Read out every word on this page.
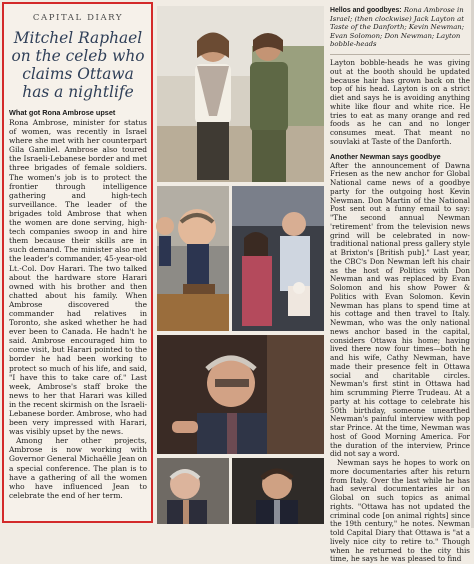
CAPITAL DIARY
Mitchel Raphael on the celeb who claims Ottawa has a nightlife
What got Rona Ambrose upset

Rona Ambrose, minister for status of women, was recently in Israel where she met with her counterpart Gila Gamliel. Ambrose also toured the Israeli-Lebanese border and met three brigades of female soldiers. The women's job is to protect the frontier through intelligence gathering and high-tech surveillance. The leader of the brigades told Ambrose that when the women are done serving, high-tech companies swoop in and hire them because their skills are in such demand. The minister also met the leader's commander, 45-year-old Lt.-Col. Dov Harari. The two talked about the hardware store Harari owned with his brother and then chatted about his family. When Ambrose discovered the commander had relatives in Toronto, she asked whether he had ever been to Canada. He hadn't he said. Ambrose encouraged him to come visit, but Harari pointed to the border he had been working to protect so much of his life, and said, "I have this to take care of." Last week, Ambrose's staff broke the news to her that Harari was killed in the recent skirmish on the Israeli-Lebanese border. Ambrose, who had been very impressed with Harari, was visibly upset by the news.

Among her other projects, Ambrose is now working with Governor General Michaëlle Jean on a special conference. The plan is to have a gathering of all the women who have influenced Jean to celebrate the end of her term.

Hellos and goodbyes: Rona Ambrose in Israel; (then clockwise) Jack Layton at Taste of the Danforth; Kevin Newman; Evan Solomon; Don Newman; Layton bobble-heads

Layton bobble-heads he was giving out at the booth should be updated because hair has grown back on the top of his head. Layton is on a strict diet and says he is avoiding anything white like flour and white rice. He tries to eat as many orange and red foods as he can and no longer consumes meat. That meant no souvlaki at Taste of the Danforth.

Another Newman says goodbye

After the announcement of Dawna Friesen as the new anchor for Global National came news of a goodbye party for the outgoing host Kevin Newman. Don Martin of the National Post sent out a funny email to say: "The second annual Newman 'retirement' from the television news grind will be celebrated in now-traditional national press gallery style at Brixton's [British pub]." Last year, the CBC's Don Newman left his chair as the host of Politics with Don Newman and was replaced by Evan Solomon and his show Power & Politics with Evan Solomon. Kevin Newman has plans to spend time at his cottage and then travel to Italy. Newman, who was the only national news anchor based in the capital, considers Ottawa his home; having lived there now four times—both he and his wife, Cathy Newman, have made their presence felt in Ottawa social and charitable circles. Newman's first stint in Ottawa had him scrumming Pierre Trudeau. At a party at his cottage to celebrate his 50th birthday, someone unearthed Newman's painful interview with pop star Prince. At the time, Newman was host of Good Morning America. For the duration of the interview, Prince did not say a word.

Newman says he hopes to work on more documentaries after his return from Italy. Over the last while he has had several documentaries air on Global on such topics as animal rights. "Ottawa has not updated the criminal code [on animal rights] since the 19th century," he notes. Newman told Capital Diary that Ottawa is "at a lively nice city to retire to." Though when he returned to the city this time, he says he was pleased to find
